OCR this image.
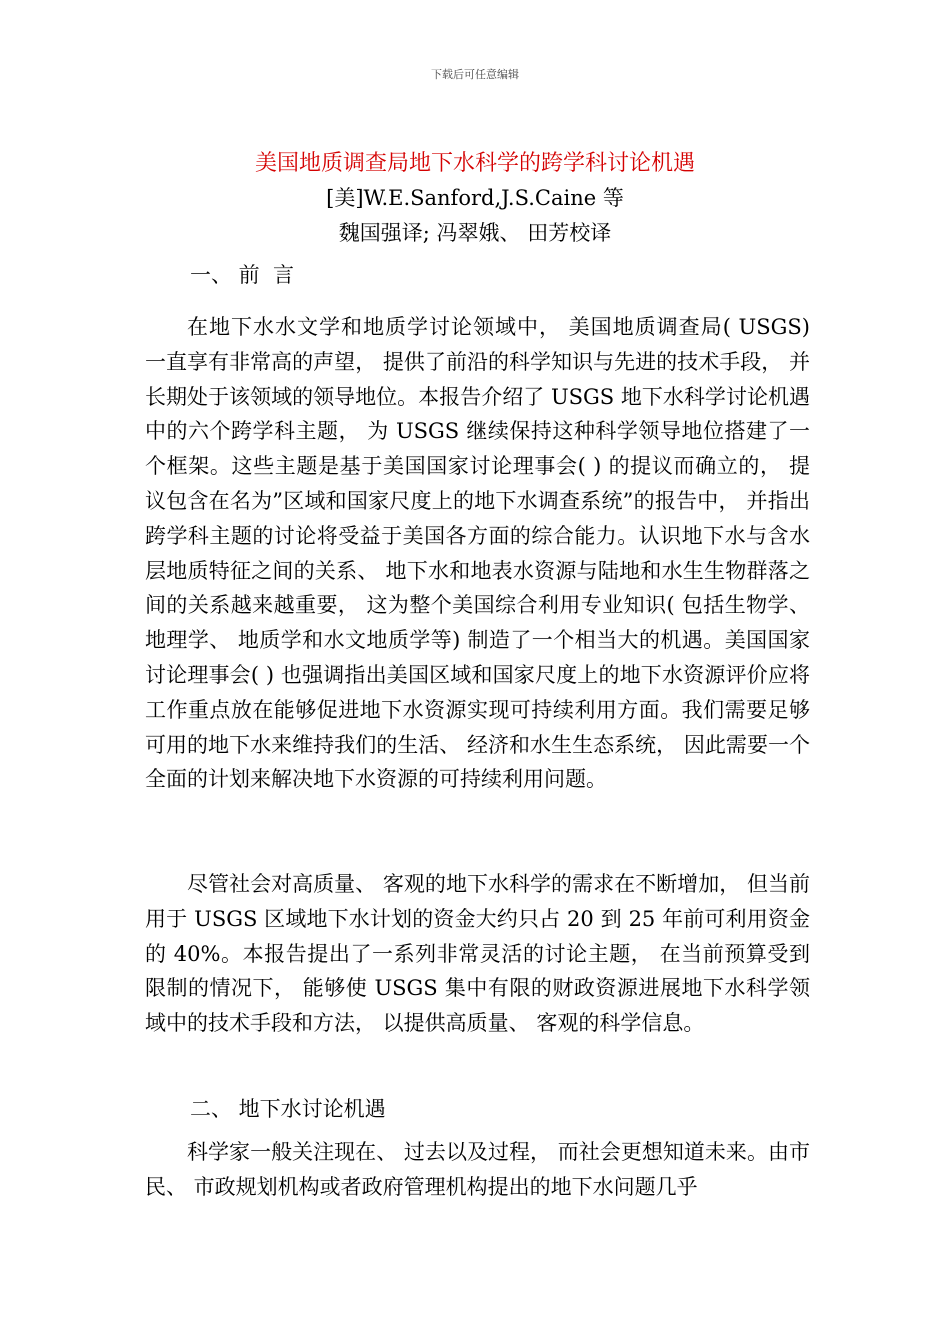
下载后可任意编辑
美国地质调查局地下水科学的跨学科讨论机遇
[美]W.E.Sanford,J.S.Caine 等
魏国强译; 冯翠娥、 田芳校译
一、 前  言

在地下水水文学和地质学讨论领域中， 美国地质调查局( USGS) 一直享有非常高的声望， 提供了前沿的科学知识与先进的技术手段， 并长期处于该领域的领导地位。本报告介绍了 USGS 地下水科学讨论机遇中的六个跨学科主题， 为 USGS 继续保持这种科学领导地位搭建了一个框架。这些主题是基于美国国家讨论理事会( ) 的提议而确立的， 提议包含在名为”区域和国家尺度上的地下水调查系统”的报告中， 并指出跨学科主题的讨论将受益于美国各方面的综合能力。认识地下水与含水层地质特征之间的关系、 地下水和地表水资源与陆地和水生生物群落之间的关系越来越重要， 这为整个美国综合利用专业知识( 包括生物学、 地理学、 地质学和水文地质学等) 制造了一个相当大的机遇。美国国家讨论理事会( ) 也强调指出美国区域和国家尺度上的地下水资源评价应将工作重点放在能够促进地下水资源实现可持续利用方面。我们需要足够可用的地下水来维持我们的生活、 经济和水生生态系统， 因此需要一个全面的计划来解决地下水资源的可持续利用问题。

尽管社会对高质量、 客观的地下水科学的需求在不断增加， 但当前用于 USGS 区域地下水计划的资金大约只占 20 到 25 年前可利用资金的 40%。本报告提出了一系列非常灵活的讨论主题， 在当前预算受到限制的情况下， 能够使 USGS 集中有限的财政资源进展地下水科学领域中的技术手段和方法， 以提供高质量、 客观的科学信息。

二、 地下水讨论机遇

科学家一般关注现在、 过去以及过程， 而社会更想知道未来。由市民、 市政规划机构或者政府管理机构提出的地下水问题几乎
